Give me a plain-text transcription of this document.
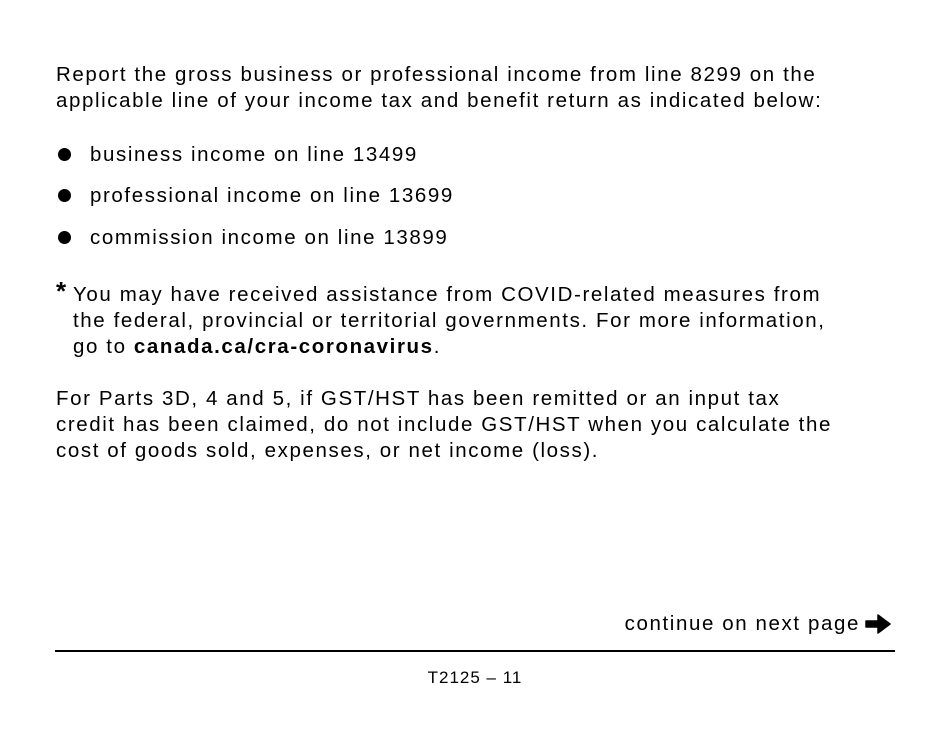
Report the gross business or professional income from line 8299 on the
applicable line of your income tax and benefit return as indicated below:
business income on line 13499
professional income on line 13699
commission income on line 13899
* You may have received assistance from COVID-related measures from
the federal, provincial or territorial governments. For more information,
go to canada.ca/cra-coronavirus.
For Parts 3D, 4 and 5, if GST/HST has been remitted or an input tax
credit has been claimed, do not include GST/HST when you calculate the
cost of goods sold, expenses, or net income (loss).
continue on next page
T2125 – 11
